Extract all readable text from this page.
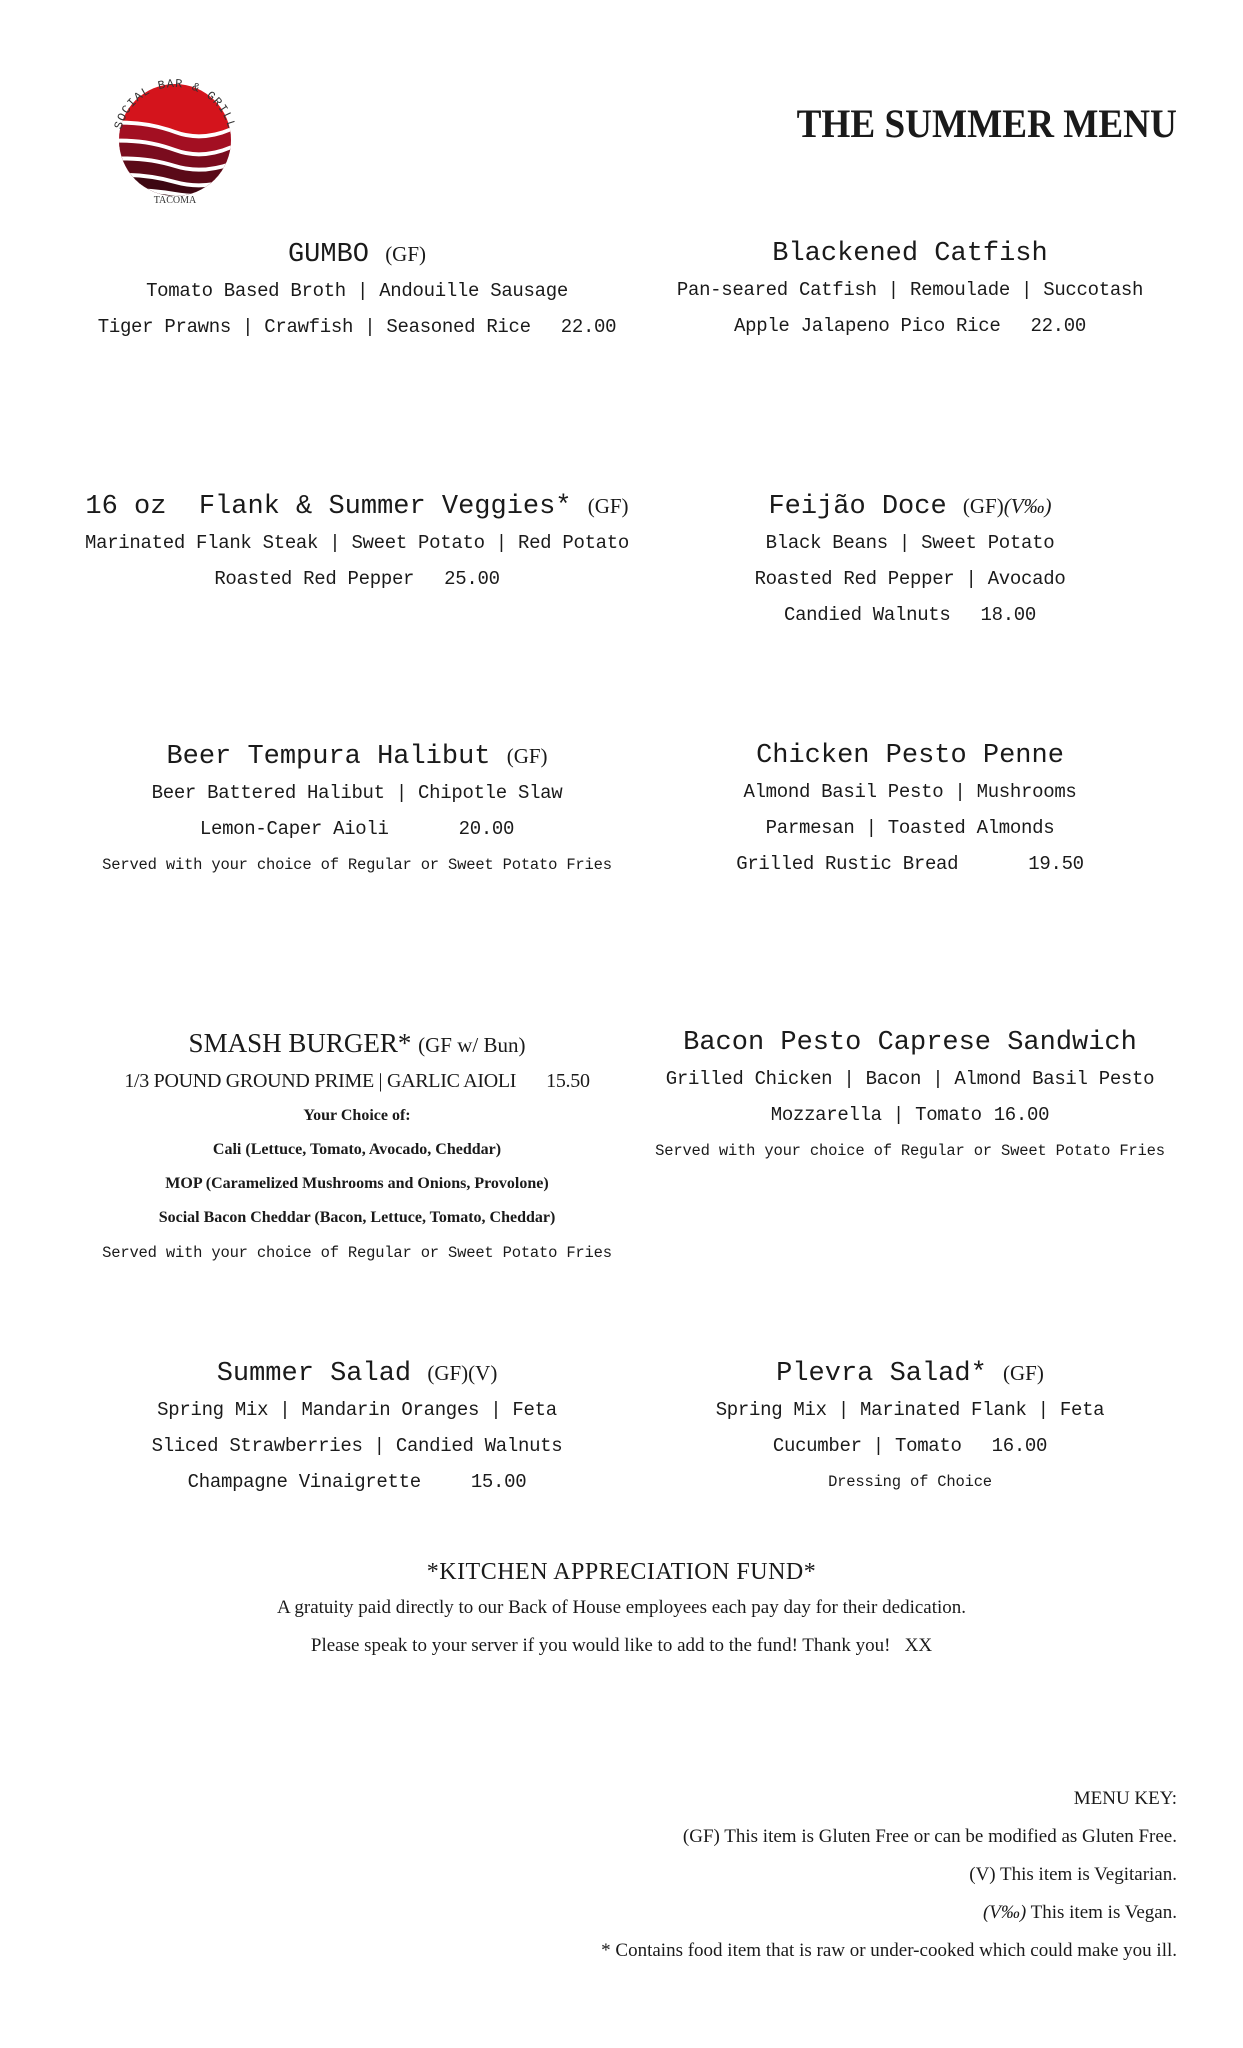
SOCIAL BAR & GRILL
TACOMA
THE SUMMER MENU
GUMBO (GF)
Tomato Based Broth | Andouille Sausage
Tiger Prawns | Crawfish | Seasoned Rice 22.00
Blackened Catfish
Pan-seared Catfish | Remoulade | Succotash
Apple Jalapeno Pico Rice 22.00
16 oz  Flank & Summer Veggies* (GF)
Marinated Flank Steak | Sweet Potato | Red Potato
Roasted Red Pepper 25.00
Feijão Doce (GF)(V‰)
Black Beans | Sweet Potato
Roasted Red Pepper | Avocado
Candied Walnuts 18.00
Beer Tempura Halibut (GF)
Beer Battered Halibut | Chipotle Slaw
Lemon-Caper Aioli	20.00
Served with your choice of Regular or Sweet Potato Fries
Chicken Pesto Penne
Almond Basil Pesto | Mushrooms
Parmesan | Toasted Almonds
Grilled Rustic Bread	19.50
SMASH BURGER* (GF w/ Bun)
1/3 POUND GROUND PRIME | GARLIC AIOLI 15.50
Your Choice of:
Cali (Lettuce, Tomato, Avocado, Cheddar)
MOP (Caramelized Mushrooms and Onions, Provolone)
Social Bacon Cheddar (Bacon, Lettuce, Tomato, Cheddar)
Served with your choice of Regular or Sweet Potato Fries
Bacon Pesto Caprese Sandwich
Grilled Chicken | Bacon | Almond Basil Pesto
Mozzarella | Tomato 16.00
Served with your choice of Regular or Sweet Potato Fries
Summer Salad (GF)(V)
Spring Mix | Mandarin Oranges | Feta
Sliced Strawberries | Candied Walnuts
Champagne Vinaigrette	15.00
Plevra Salad* (GF)
Spring Mix | Marinated Flank | Feta
Cucumber | Tomato 16.00
Dressing of Choice
*KITCHEN APPRECIATION FUND*
A gratuity paid directly to our Back of House employees each pay day for their dedication.
Please speak to your server if you would like to add to the fund! Thank you!   XX
MENU KEY:
(GF) This item is Gluten Free or can be modified as Gluten Free.
(V) This item is Vegitarian.
(V‰) This item is Vegan.
* Contains food item that is raw or under-cooked which could make you ill.
